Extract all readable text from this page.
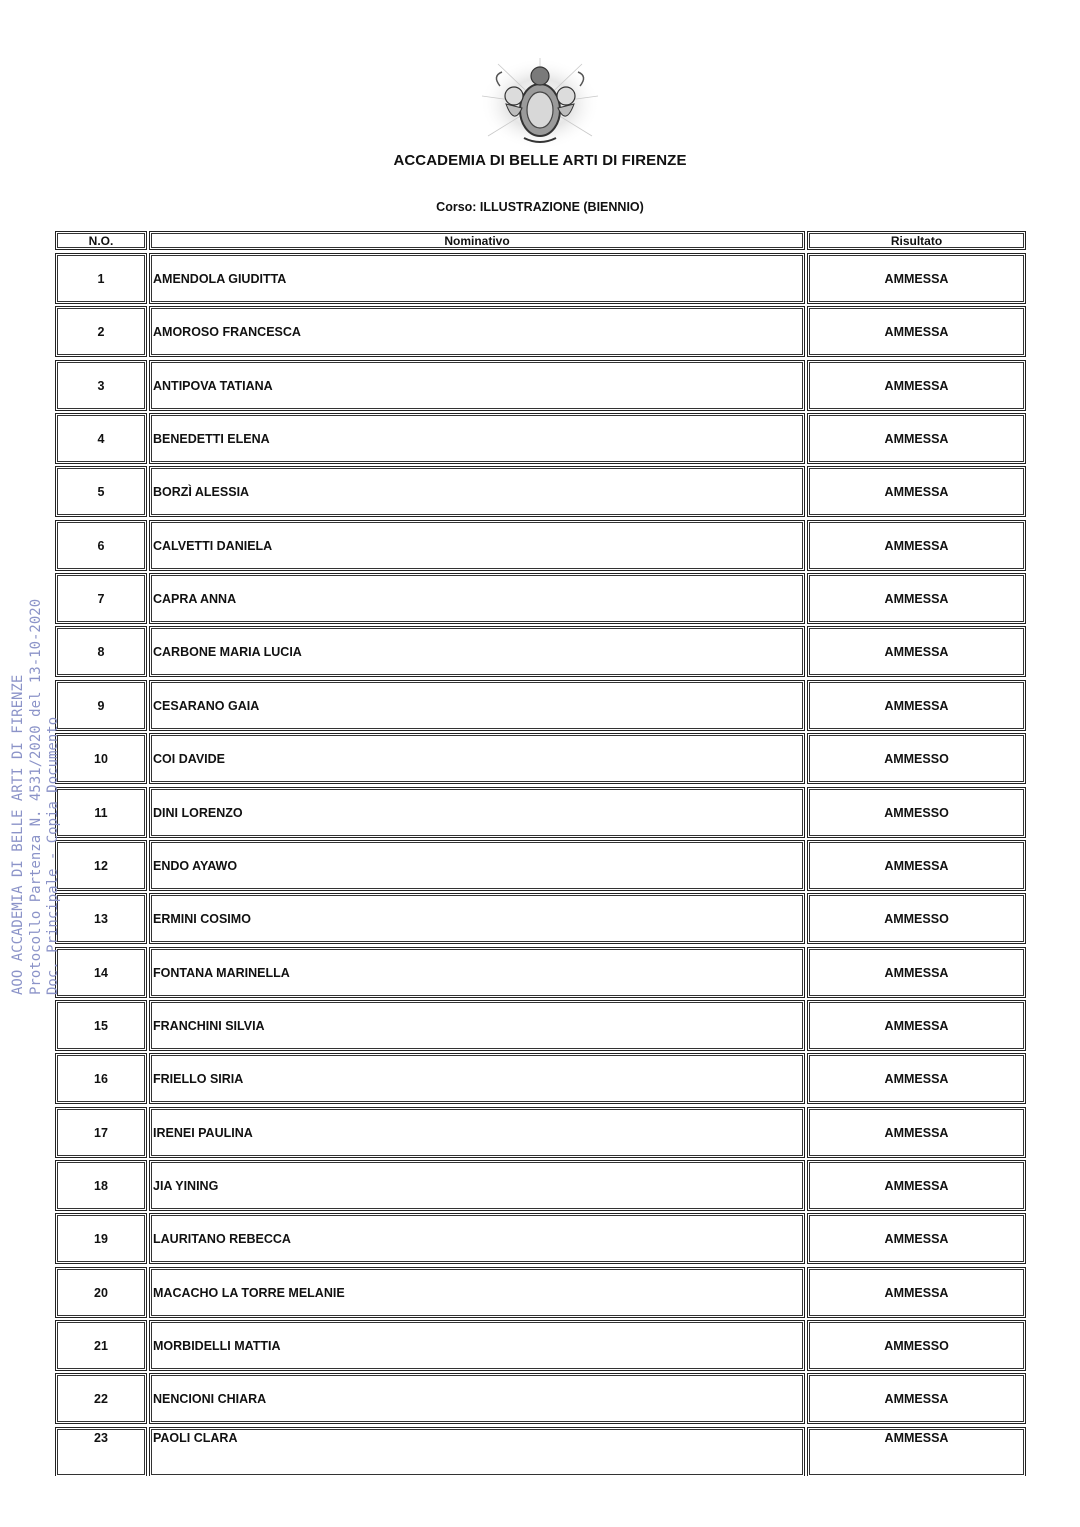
ACCADEMIA DI BELLE ARTI DI FIRENZE
Corso: ILLUSTRAZIONE (BIENNIO)
N.O.	Nominativo	Risultato
1	AMENDOLA GIUDITTA	AMMESSA
2	AMOROSO FRANCESCA	AMMESSA
3	ANTIPOVA TATIANA	AMMESSA
4	BENEDETTI ELENA	AMMESSA
5	BORZÌ ALESSIA	AMMESSA
6	CALVETTI DANIELA	AMMESSA
7	CAPRA ANNA	AMMESSA
8	CARBONE MARIA LUCIA	AMMESSA
9	CESARANO GAIA	AMMESSA
10	COI DAVIDE	AMMESSO
11	DINI LORENZO	AMMESSO
12	ENDO AYAWO	AMMESSA
13	ERMINI COSIMO	AMMESSO
14	FONTANA MARINELLA	AMMESSA
15	FRANCHINI SILVIA	AMMESSA
16	FRIELLO SIRIA	AMMESSA
17	IRENEI PAULINA	AMMESSA
18	JIA YINING	AMMESSA
19	LAURITANO REBECCA	AMMESSA
20	MACACHO LA TORRE MELANIE	AMMESSA
21	MORBIDELLI MATTIA	AMMESSO
22	NENCIONI CHIARA	AMMESSA
23	PAOLI CLARA	AMMESSA
AOO ACCADEMIA DI BELLE ARTI DI FIRENZE Protocollo Partenza N. 4531/2020 del 13-10-2020 Doc. Principale - Copia Documento
